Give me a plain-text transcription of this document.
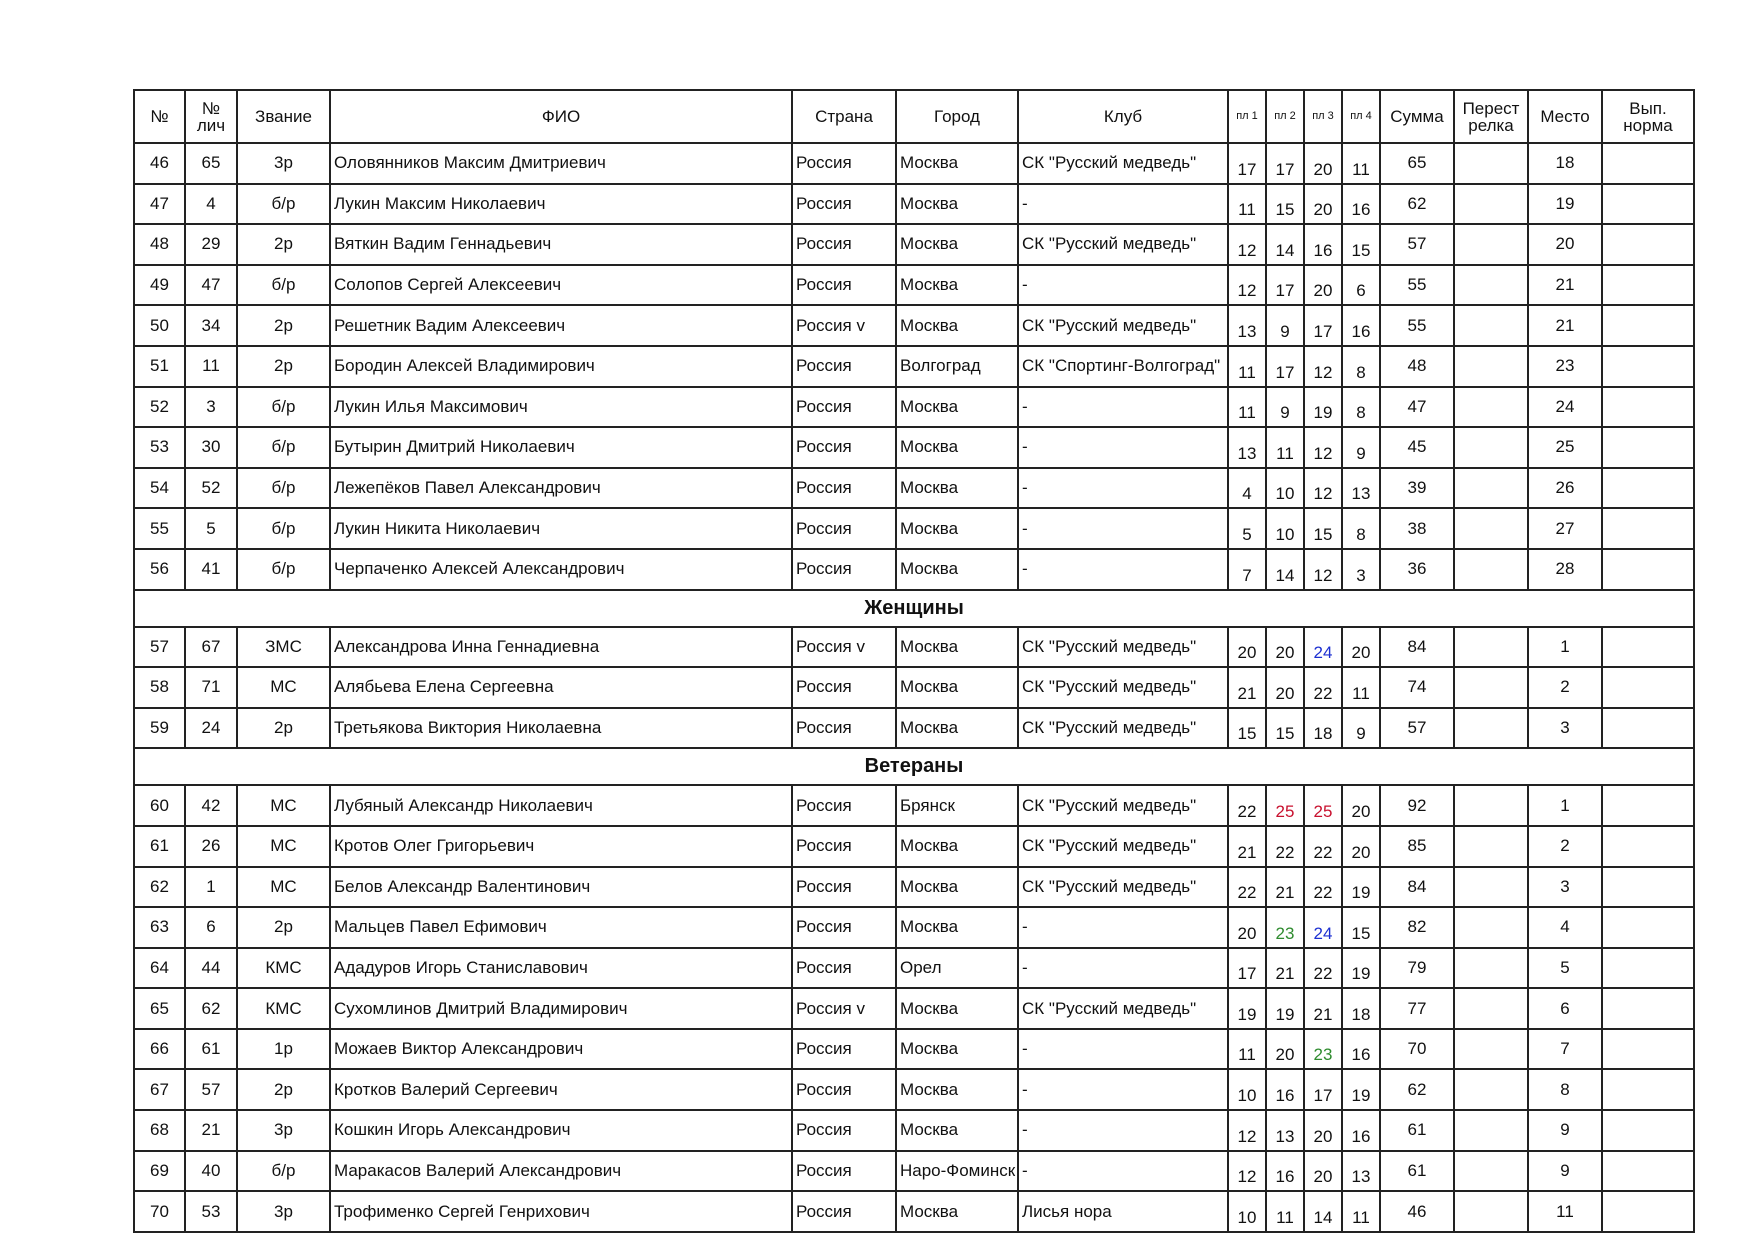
№	№ лич	Звание	ФИО	Страна	Город	Клуб	пл 1	пл 2	пл 3	пл 4	Сумма	Перест релка	Место	Вып. норма
46	65	3р	Оловянников Максим Дмитриевич	Россия	Москва	СК "Русский медведь"	17	17	20	11	65		18	
47	4	б/р	Лукин Максим Николаевич	Россия	Москва	-	11	15	20	16	62		19	
48	29	2р	Вяткин Вадим Геннадьевич	Россия	Москва	СК "Русский медведь"	12	14	16	15	57		20	
49	47	б/р	Солопов Сергей Алексеевич	Россия	Москва	-	12	17	20	6	55		21	
50	34	2р	Решетник Вадим Алексеевич	Россия v	Москва	СК "Русский медведь"	13	9	17	16	55		21	
51	11	2р	Бородин Алексей Владимирович	Россия	Волгоград	СК "Спортинг-Волгоград"	11	17	12	8	48		23	
52	3	б/р	Лукин Илья Максимович	Россия	Москва	-	11	9	19	8	47		24	
53	30	б/р	Бутырин Дмитрий Николаевич	Россия	Москва	-	13	11	12	9	45		25	
54	52	б/р	Лежепёков Павел Александрович	Россия	Москва	-	4	10	12	13	39		26	
55	5	б/р	Лукин Никита Николаевич	Россия	Москва	-	5	10	15	8	38		27	
56	41	б/р	Черпаченко Алексей Александрович	Россия	Москва	-	7	14	12	3	36		28	
Женщины														
57	67	ЗМС	Александрова Инна Геннадиевна	Россия v	Москва	СК "Русский медведь"	20	20	24	20	84		1	
58	71	МС	Алябьева Елена Сергеевна	Россия	Москва	СК "Русский медведь"	21	20	22	11	74		2	
59	24	2р	Третьякова Виктория Николаевна	Россия	Москва	СК "Русский медведь"	15	15	18	9	57		3	
Ветераны														
60	42	МС	Лубяный Александр Николаевич	Россия	Брянск	СК "Русский медведь"	22	25	25	20	92		1	
61	26	МС	Кротов Олег Григорьевич	Россия	Москва	СК "Русский медведь"	21	22	22	20	85		2	
62	1	МС	Белов Александр Валентинович	Россия	Москва	СК "Русский медведь"	22	21	22	19	84		3	
63	6	2р	Мальцев Павел Ефимович	Россия	Москва	-	20	23	24	15	82		4	
64	44	КМС	Ададуров Игорь Станиславович	Россия	Орел	-	17	21	22	19	79		5	
65	62	КМС	Сухомлинов Дмитрий Владимирович	Россия v	Москва	СК "Русский медведь"	19	19	21	18	77		6	
66	61	1р	Можаев Виктор Александрович	Россия	Москва	-	11	20	23	16	70		7	
67	57	2р	Кротков Валерий Сергеевич	Россия	Москва	-	10	16	17	19	62		8	
68	21	3р	Кошкин Игорь Александрович	Россия	Москва	-	12	13	20	16	61		9	
69	40	б/р	Маракасов Валерий Александрович	Россия	Наро-Фоминск	-	12	16	20	13	61		9	
70	53	3р	Трофименко Сергей Генрихович	Россия	Москва	Лисья нора	10	11	14	11	46		11	
